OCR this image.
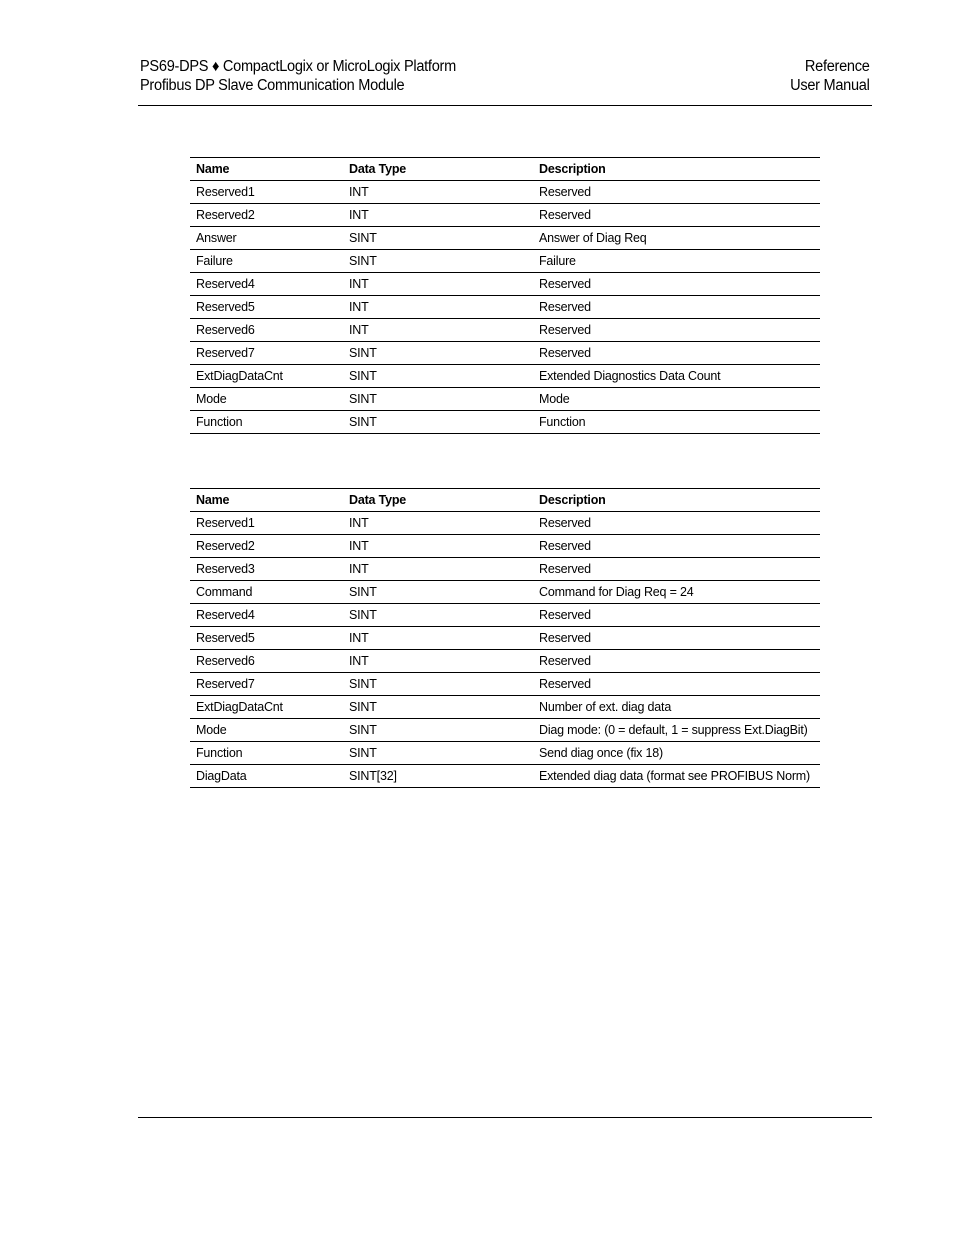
PS69-DPS ♦ CompactLogix or MicroLogix Platform
Profibus DP Slave Communication Module
Reference
User Manual
Name	Data Type	Description
Reserved1	INT	Reserved
Reserved2	INT	Reserved
Answer	SINT	Answer of Diag Req
Failure	SINT	Failure
Reserved4	INT	Reserved
Reserved5	INT	Reserved
Reserved6	INT	Reserved
Reserved7	SINT	Reserved
ExtDiagDataCnt	SINT	Extended Diagnostics Data Count
Mode	SINT	Mode
Function	SINT	Function
Name	Data Type	Description
Reserved1	INT	Reserved
Reserved2	INT	Reserved
Reserved3	INT	Reserved
Command	SINT	Command for Diag Req = 24
Reserved4	SINT	Reserved
Reserved5	INT	Reserved
Reserved6	INT	Reserved
Reserved7	SINT	Reserved
ExtDiagDataCnt	SINT	Number of ext. diag data
Mode	SINT	Diag mode: (0 = default, 1 = suppress Ext.DiagBit)
Function	SINT	Send diag once (fix 18)
DiagData	SINT[32]	Extended diag data (format see PROFIBUS Norm)
